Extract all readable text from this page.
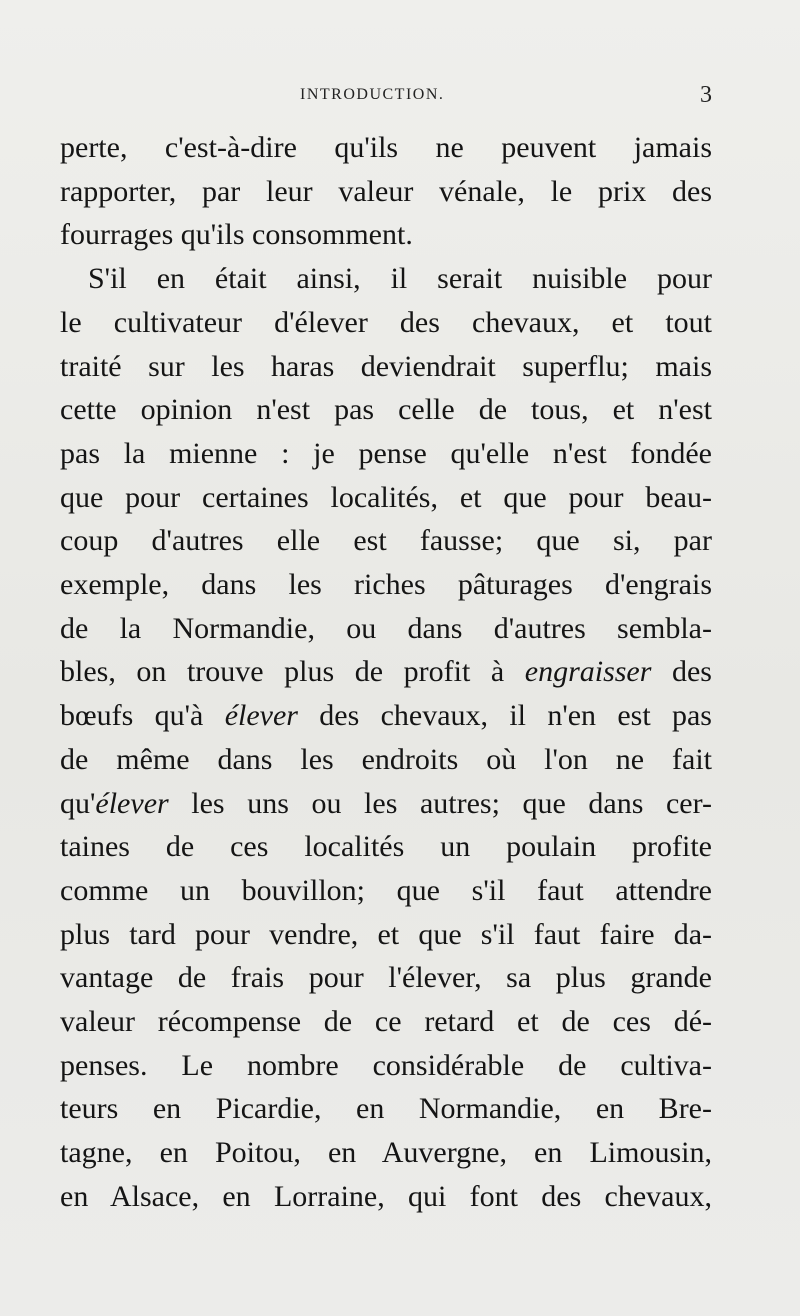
INTRODUCTION.	3
perte, c'est-à-dire qu'ils ne peuvent jamais
rapporter, par leur valeur vénale, le prix des
fourrages qu'ils consomment.
S'il en était ainsi, il serait nuisible pour
le cultivateur d'élever des chevaux, et tout
traité sur les haras deviendrait superflu; mais
cette opinion n'est pas celle de tous, et n'est
pas la mienne : je pense qu'elle n'est fondée
que pour certaines localités, et que pour beau-
coup d'autres elle est fausse; que si, par
exemple, dans les riches pâturages d'engrais
de la Normandie, ou dans d'autres sembla-
bles, on trouve plus de profit à engraisser des
bœufs qu'à élever des chevaux, il n'en est pas
de même dans les endroits où l'on ne fait
qu'élever les uns ou les autres; que dans cer-
taines de ces localités un poulain profite
comme un bouvillon; que s'il faut attendre
plus tard pour vendre, et que s'il faut faire da-
vantage de frais pour l'élever, sa plus grande
valeur récompense de ce retard et de ces dé-
penses. Le nombre considérable de cultiva-
teurs en Picardie, en Normandie, en Bre-
tagne, en Poitou, en Auvergne, en Limousin,
en Alsace, en Lorraine, qui font des chevaux,
